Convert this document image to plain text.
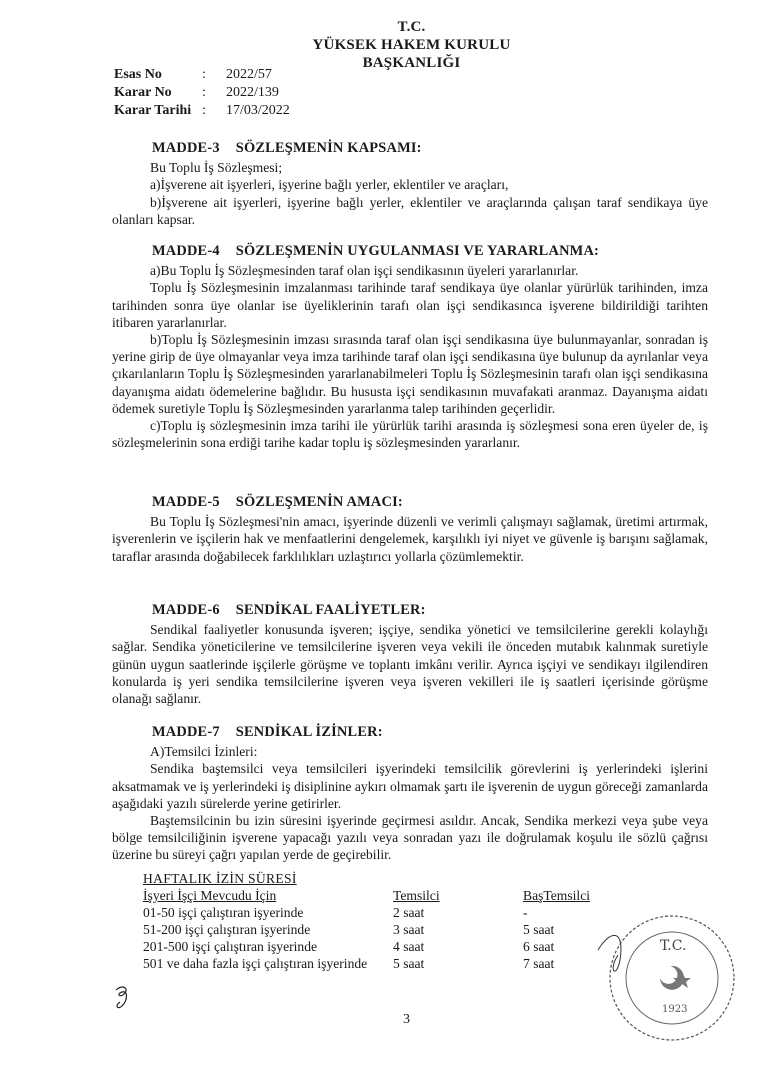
T.C.
YÜKSEK HAKEM KURULU
BAŞKANLIĞI
Esas No	:	2022/57
Karar No	:	2022/139
Karar Tarihi :	17/03/2022
MADDE-3 SÖZLEŞMENİN KAPSAMI:

Bu Toplu İş Sözleşmesi;

a)İşverene ait işyerleri, işyerine bağlı yerler, eklentiler ve araçları,

b)İşverene ait işyerleri, işyerine bağlı yerler, eklentiler ve araçlarında çalışan taraf sendikaya üye olanları kapsar.

MADDE-4 SÖZLEŞMENİN UYGULANMASI VE YARARLANMA:

a)Bu Toplu İş Sözleşmesinden taraf olan işçi sendikasının üyeleri yararlanırlar.

Toplu İş Sözleşmesinin imzalanması tarihinde taraf sendikaya üye olanlar yürürlük tarihinden, imza tarihinden sonra üye olanlar ise üyeliklerinin tarafı olan işçi sendikasınca işverene bildirildiği tarihten itibaren yararlanırlar.

b)Toplu İş Sözleşmesinin imzası sırasında taraf olan işçi sendikasına üye bulunmayanlar, sonradan iş yerine girip de üye olmayanlar veya imza tarihinde taraf olan işçi sendikasına üye bulunup da ayrılanlar veya çıkarılanların Toplu İş Sözleşmesinden yararlanabilmeleri Toplu İş Sözleşmesinin tarafı olan işçi sendikasına dayanışma aidatı ödemelerine bağlıdır. Bu hususta işçi sendikasının muvafakati aranmaz. Dayanışma aidatı ödemek suretiyle Toplu İş Sözleşmesinden yararlanma talep tarihinden geçerlidir.

c)Toplu iş sözleşmesinin imza tarihi ile yürürlük tarihi arasında iş sözleşmesi sona eren üyeler de, iş sözleşmelerinin sona erdiği tarihe kadar toplu iş sözleşmesinden yararlanır.

MADDE-5 SÖZLEŞMENİN AMACI:

Bu Toplu İş Sözleşmesi'nin amacı, işyerinde düzenli ve verimli çalışmayı sağlamak, üretimi artırmak, işverenlerin ve işçilerin hak ve menfaatlerini dengelemek, karşılıklı iyi niyet ve güvenle iş barışını sağlamak, taraflar arasında doğabilecek farklılıkları uzlaştırıcı yollarla çözümlemektir.

MADDE-6 SENDİKAL FAALİYETLER:

Sendikal faaliyetler konusunda işveren; işçiye, sendika yönetici ve temsilcilerine gerekli kolaylığı sağlar. Sendika yöneticilerine ve temsilcilerine işveren veya vekili ile önceden mutabık kalınmak suretiyle günün uygun saatlerinde işçilerle görüşme ve toplantı imkânı verilir. Ayrıca işçiyi ve sendikayı ilgilendiren konularda iş yeri sendika temsilcilerine işveren veya işveren vekilleri ile iş saatleri içerisinde görüşme olanağı sağlanır.

MADDE-7 SENDİKAL İZİNLER:

A)Temsilci İzinleri:

Sendika baştemsilci veya temsilcileri işyerindeki temsilcilik görevlerini iş yerlerindeki işlerini aksatmamak ve iş yerlerindeki iş disiplinine aykırı olmamak şartı ile işverenin de uygun göreceği zamanlarda aşağıdaki yazılı sürelerde yerine getirirler.

Baştemsilcinin bu izin süresini işyerinde geçirmesi asıldır. Ancak, Sendika merkezi veya şube veya bölge temsilciliğinin işverene yapacağı yazılı veya sonradan yazı ile doğrulamak koşulu ile sözlü çağrısı üzerine bu süreyi çağrı yapılan yerde de geçirebilir.

HAFTALIK İZİN SÜRESİ
İşyeri İşçi Mevcudu İçin	Temsilci	BaşTemsilci
01-50 işçi çalıştıran işyerinde	2 saat	-
51-200 işçi çalıştıran işyerinde	3 saat	5 saat
201-500 işçi çalıştıran işyerinde	4 saat	6 saat
501 ve daha fazla işçi çalıştıran işyerinde	5 saat	7 saat
T.C.
1923
3
